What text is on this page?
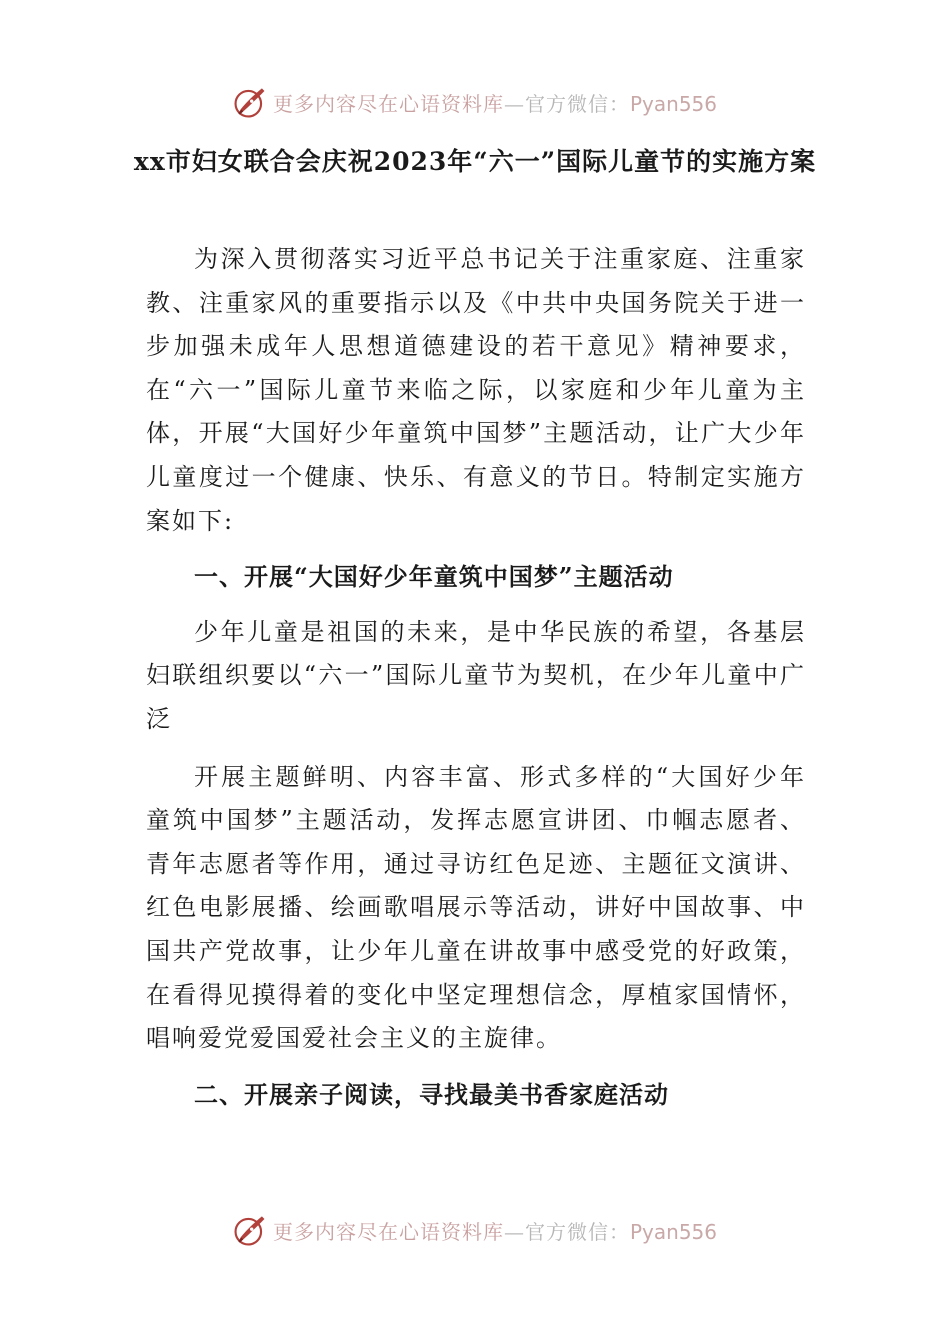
更多内容尽在心语资料库—官方微信：Pyan556
xx市妇女联合会庆祝2023年“六一”国际儿童节的实施方案

为深入贯彻落实习近平总书记关于注重家庭、注重家教、注重家风的重要指示以及《中共中央国务院关于进一步加强未成年人思想道德建设的若干意见》精神要求，在“六一”国际儿童节来临之际，以家庭和少年儿童为主体，开展“大国好少年童筑中国梦”主题活动，让广大少年儿童度过一个健康、快乐、有意义的节日。特制定实施方案如下:

一、开展“大国好少年童筑中国梦”主题活动

少年儿童是祖国的未来，是中华民族的希望，各基层妇联组织要以“六一”国际儿童节为契机，在少年儿童中广泛

开展主题鲜明、内容丰富、形式多样的“大国好少年童筑中国梦”主题活动，发挥志愿宣讲团、巾帼志愿者、青年志愿者等作用，通过寻访红色足迹、主题征文演讲、红色电影展播、绘画歌唱展示等活动，讲好中国故事、中国共产党故事，让少年儿童在讲故事中感受党的好政策，在看得见摸得着的变化中坚定理想信念，厚植家国情怀，唱响爱党爱国爱社会主义的主旋律。

二、开展亲子阅读，寻找最美书香家庭活动

更多内容尽在心语资料库—官方微信：Pyan556
